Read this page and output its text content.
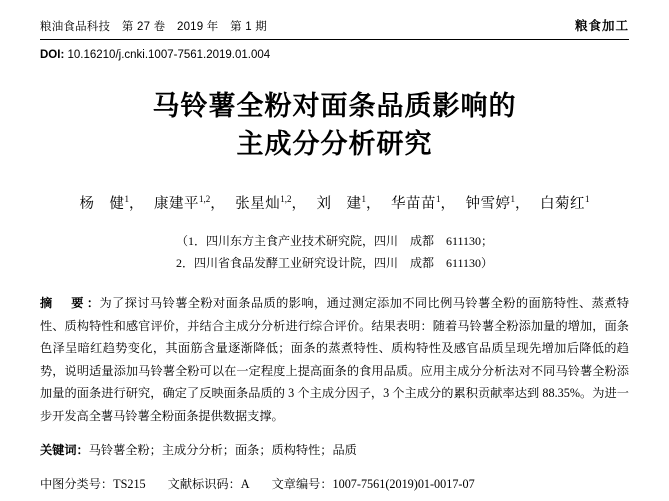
粮油食品科技　第 27 卷　2019 年　第 1 期	粮食加工
DOI: 10.16210/j.cnki.1007-7561.2019.01.004
马铃薯全粉对面条品质影响的
主成分分析研究
杨　健$^1$， 康建平$^{1,2}$， 张星灿$^{1,2}$， 刘　建$^1$， 华苗苗$^1$， 钟雪婷$^1$， 白菊红$^1$
（1．四川东方主食产业技术研究院，四川　成都　611130；
2．四川省食品发酵工业研究设计院，四川　成都　611130）
摘　要：为了探讨马铃薯全粉对面条品质的影响，通过测定添加不同比例马铃薯全粉的面筋特性、蒸煮特性、质构特性和感官评价，并结合主成分分析进行综合评价。结果表明：随着马铃薯全粉添加量的增加，面条色泽呈暗红趋势变化，其面筋含量逐渐降低；面条的蒸煮特性、质构特性及感官品质呈现先增加后降低的趋势，说明适量添加马铃薯全粉可以在一定程度上提高面条的食用品质。应用主成分分析法对不同马铃薯全粉添加量的面条进行研究，确定了反映面条品质的 3 个主成分因子，3 个主成分的累积贡献率达到 88.35%。为进一步开发高全薯马铃薯全粉面条提供数据支撑。
关键词：马铃薯全粉；主成分分析；面条；质构特性；品质
中图分类号：TS215 文献标识码：A 文章编号：1007-7561(2019)01-0017-07
